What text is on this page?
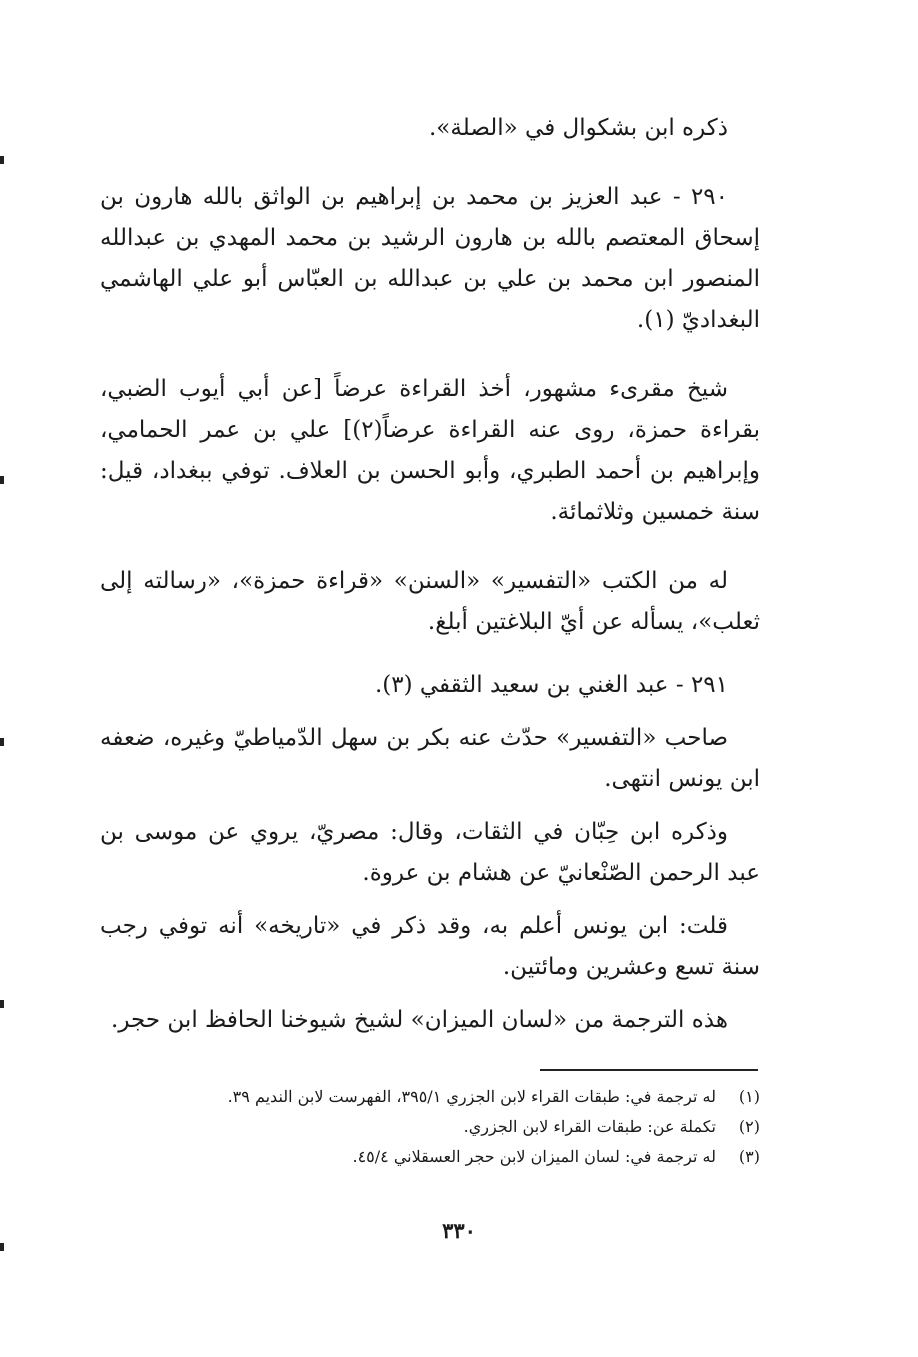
ذكره ابن بشكوال في «الصلة».

٢٩٠ - عبد العزيز بن محمد بن إبراهيم بن الواثق بالله هارون بن إسحاق المعتصم بالله بن هارون الرشيد بن محمد المهدي بن عبدالله المنصور ابن محمد بن علي بن عبدالله بن العبّاس أبو علي الهاشمي البغداديّ (١).

شيخ مقرىء مشهور، أخذ القراءة عرضاً [عن أبي أيوب الضبي، بقراءة حمزة، روى عنه القراءة عرضاً(٢)] علي بن عمر الحمامي، وإبراهيم بن أحمد الطبري، وأبو الحسن بن العلاف. توفي ببغداد، قيل: سنة خمسين وثلاثمائة.

له من الكتب «التفسير» «السنن» «قراءة حمزة»، «رسالته إلى ثعلب»، يسأله عن أيّ البلاغتين أبلغ.

٢٩١ - عبد الغني بن سعيد الثقفي (٣).

صاحب «التفسير» حدّث عنه بكر بن سهل الدّمياطيّ وغيره، ضعفه ابن يونس انتهى.

وذكره ابن حِبّان في الثقات، وقال: مصريّ، يروي عن موسى بن عبد الرحمن الصّنْعانيّ عن هشام بن عروة.

قلت: ابن يونس أعلم به، وقد ذكر في «تاريخه» أنه توفي رجب سنة تسع وعشرين ومائتين.

هذه الترجمة من «لسان الميزان» لشيخ شيوخنا الحافظ ابن حجر.

(١)
له ترجمة في: طبقات القراء لابن الجزري ٣٩٥/١، الفهرست لابن النديم ٣٩.
(٢)
تكملة عن: طبقات القراء لابن الجزري.
(٣)
له ترجمة في: لسان الميزان لابن حجر العسقلاني ٤٥/٤.
٣٣٠
